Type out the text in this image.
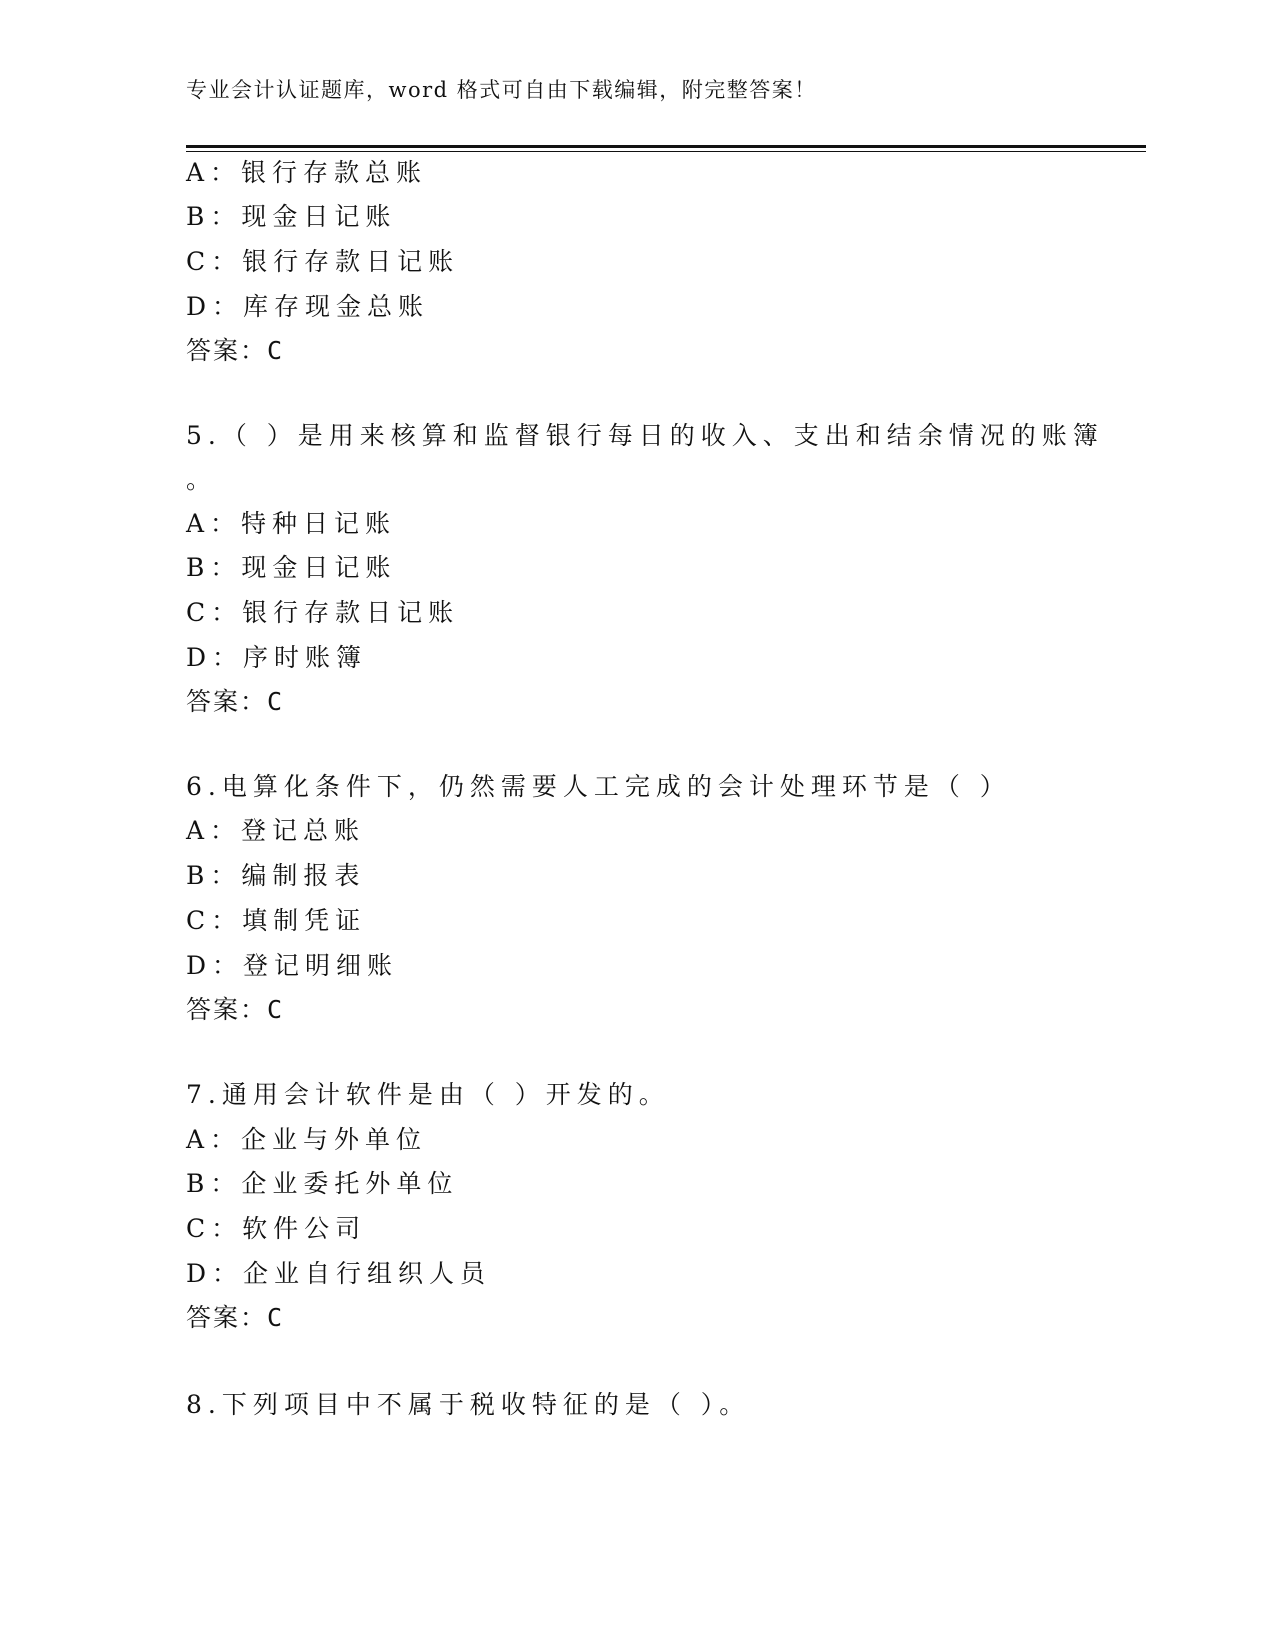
专业会计认证题库，word 格式可自由下载编辑，附完整答案！
A：银行存款总账
B：现金日记账
C：银行存款日记账
D：库存现金总账
答案：C
5.（ ）是用来核算和监督银行每日的收入、支出和结余情况的账簿
。
A：特种日记账
B：现金日记账
C：银行存款日记账
D：序时账簿
答案：C
6.电算化条件下，仍然需要人工完成的会计处理环节是（ ）
A：登记总账
B：编制报表
C：填制凭证
D：登记明细账
答案：C
7.通用会计软件是由（ ）开发的。
A：企业与外单位
B：企业委托外单位
C：软件公司
D：企业自行组织人员
答案：C
8.下列项目中不属于税收特征的是（ ）。
